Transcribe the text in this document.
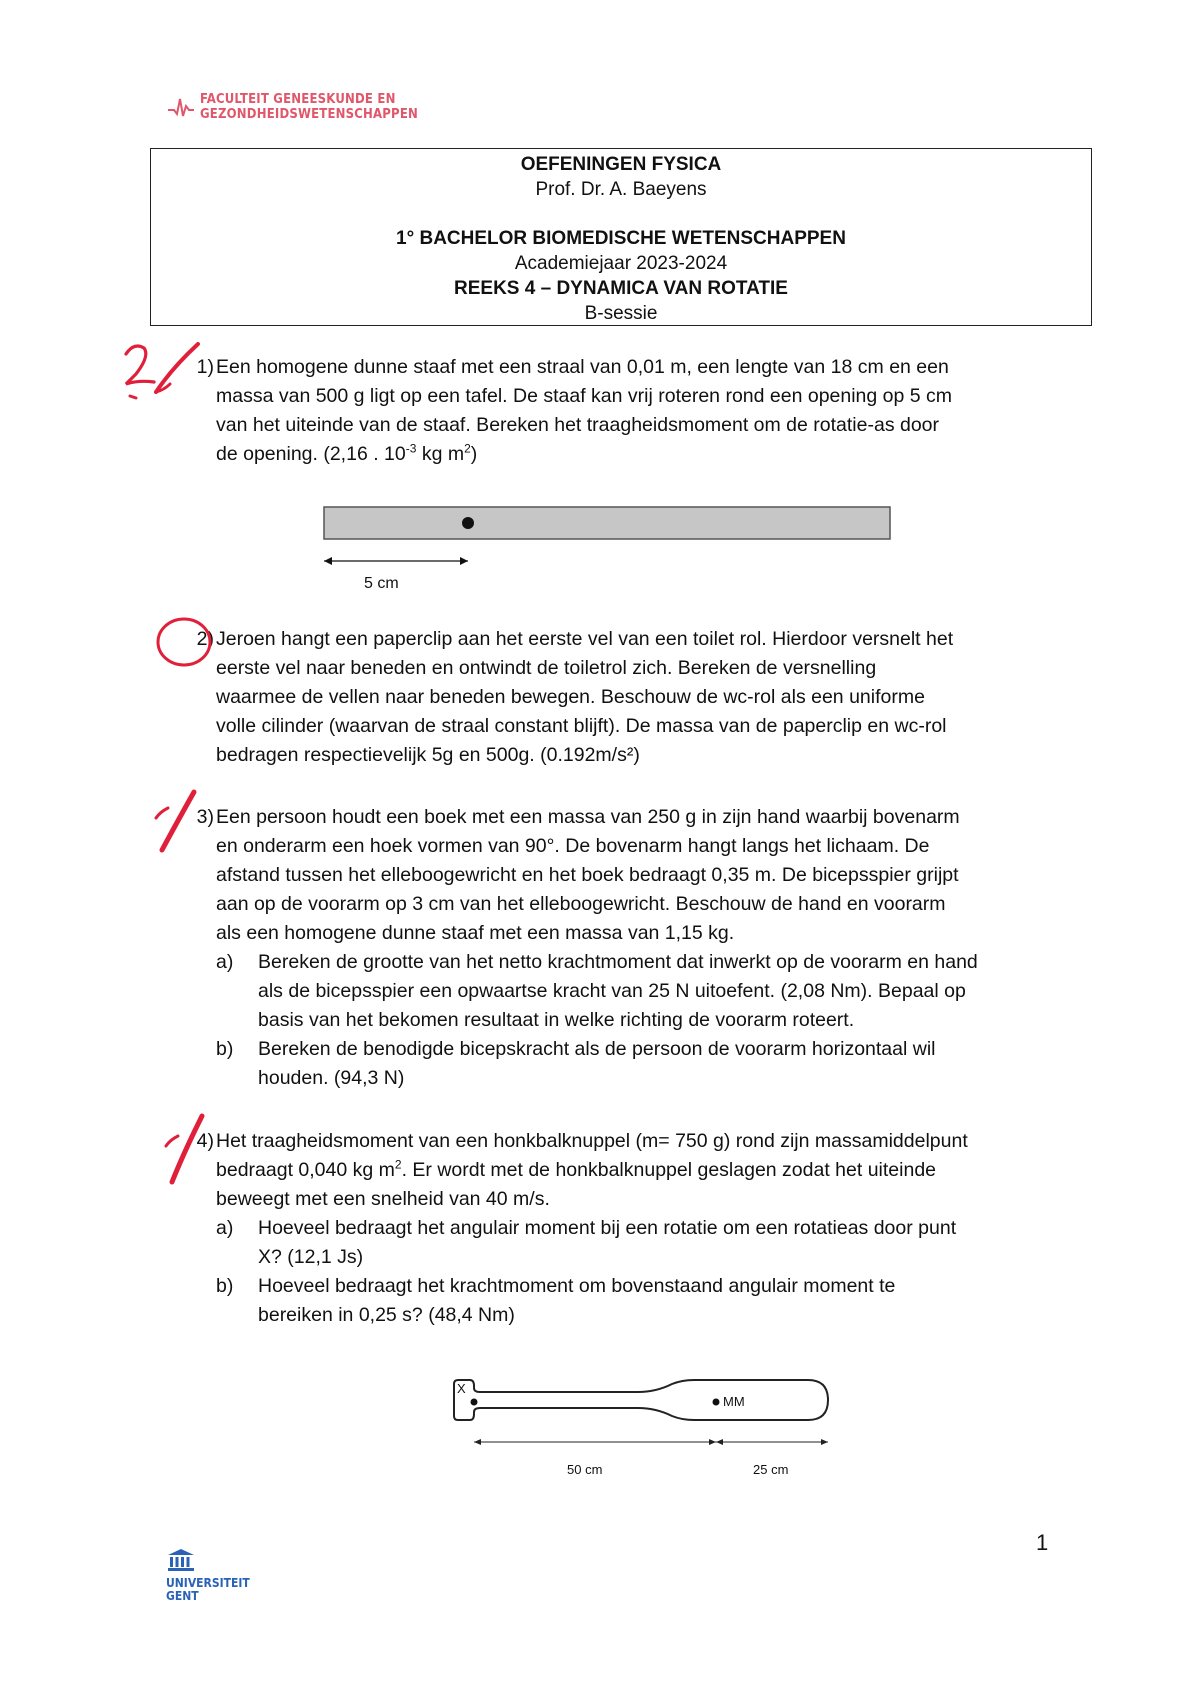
FACULTEIT GENEESKUNDE EN
GEZONDHEIDSWETENSCHAPPEN
OEFENINGEN FYSICA
Prof. Dr. A. Baeyens
1° BACHELOR BIOMEDISCHE WETENSCHAPPEN
Academiejaar 2023-2024
REEKS 4 – DYNAMICA VAN ROTATIE
B-sessie
1) Een homogene dunne staaf met een straal van 0,01 m, een lengte van 18 cm en een
massa van 500 g ligt op een tafel. De staaf kan vrij roteren rond een opening op 5 cm
van het uiteinde van de staaf. Bereken het traagheidsmoment om de rotatie-as door
de opening. (2,16 . $10^{-3}$ kg $m^2$)
5 cm
2) Jeroen hangt een paperclip aan het eerste vel van een toilet rol. Hierdoor versnelt het
eerste vel naar beneden en ontwindt de toiletrol zich. Bereken de versnelling
waarmee de vellen naar beneden bewegen. Beschouw de wc-rol als een uniforme
volle cilinder (waarvan de straal constant blijft). De massa van de paperclip en wc-rol
bedragen respectievelijk 5g en 500g. (0.192m/s²)
3) Een persoon houdt een boek met een massa van 250 g in zijn hand waarbij bovenarm
en onderarm een hoek vormen van 90°. De bovenarm hangt langs het lichaam. De
afstand tussen het elleboogewricht en het boek bedraagt 0,35 m. De bicepsspier grijpt
aan op de voorarm op 3 cm van het elleboogewricht. Beschouw de hand en voorarm
als een homogene dunne staaf met een massa van 1,15 kg.
a)	Bereken de grootte van het netto krachtmoment dat inwerkt op de voorarm en hand
als de bicepsspier een opwaartse kracht van 25 N uitoefent. (2,08 Nm). Bepaal op
basis van het bekomen resultaat in welke richting de voorarm roteert.
b)	Bereken de benodigde bicepskracht als de persoon de voorarm horizontaal wil
houden. (94,3 N)
4) Het traagheidsmoment van een honkbalknuppel (m= 750 g) rond zijn massamiddelpunt
bedraagt 0,040 kg $m^2$. Er wordt met de honkbalknuppel geslagen zodat het uiteinde
beweegt met een snelheid van 40 m/s.
a)	Hoeveel bedraagt het angulair moment bij een rotatie om een rotatieas door punt
X? (12,1 Js)
b)	Hoeveel bedraagt het krachtmoment om bovenstaand angulair moment te
bereiken in 0,25 s? (48,4 Nm)
X
MM
50 cm	25 cm
1
UNIVERSITEIT
GENT
